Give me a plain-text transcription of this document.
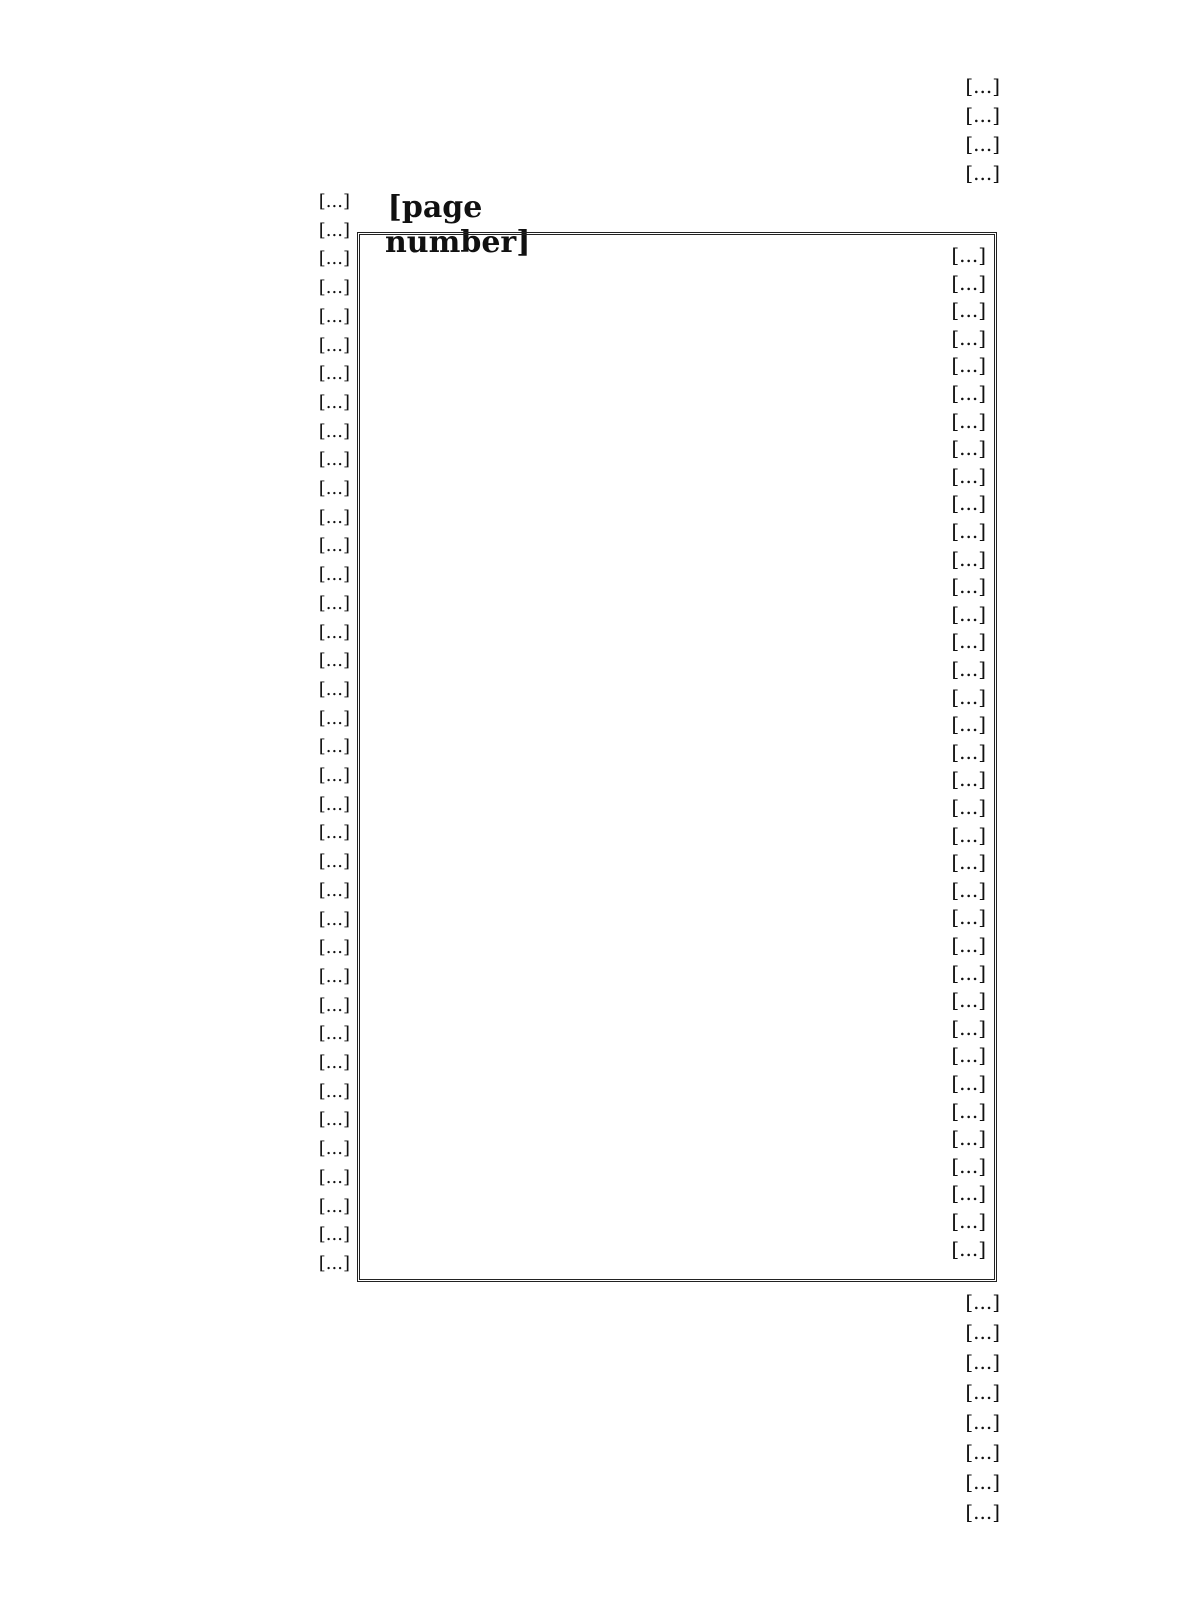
[...]
[...]
[...]
[...]
[page number]
[...]
[...]
[...]
[...]
[...]
[...]
[...]
[...]
[...]
[...]
[...]
[...]
[...]
[...]
[...]
[...]
[...]
[...]
[...]
[...]
[...]
[...]
[...]
[...]
[...]
[...]
[...]
[...]
[...]
[...]
[...]
[...]
[...]
[...]
[...]
[...]
[...]
[...]
[...]
[...]
[...]
[...]
[...]
[...]
[...]
[...]
[...]
[...]
[...]
[...]
[...]
[...]
[...]
[...]
[...]
[...]
[...]
[...]
[...]
[...]
[...]
[...]
[...]
[...]
[...]
[...]
[...]
[...]
[...]
[...]
[...]
[...]
[...]
[...]
[...]
[...]
[...]
[...]
[...]
[...]
[...]
[...]
[...]
